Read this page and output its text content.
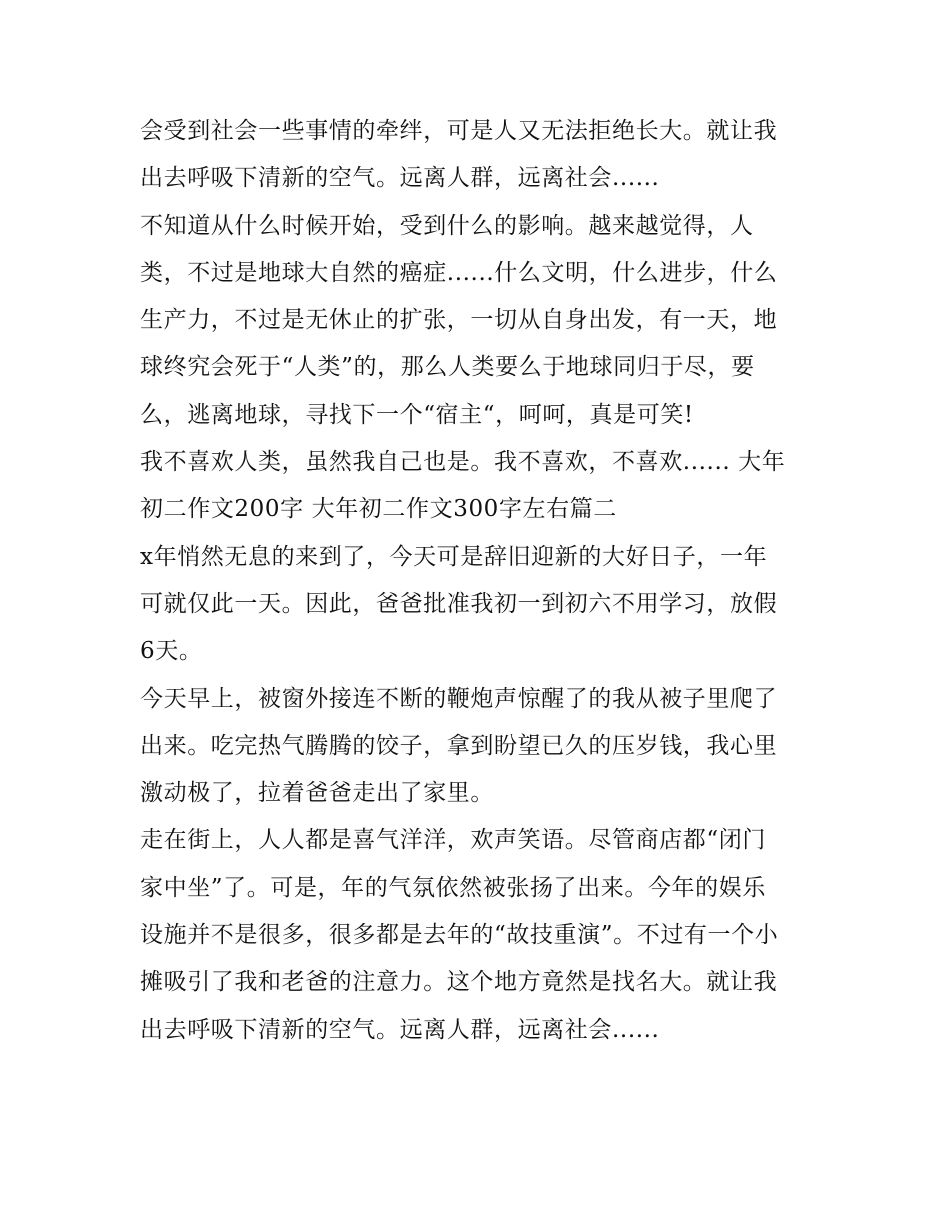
会受到社会一些事情的牵绊，可是人又无法拒绝长大。就让我
出去呼吸下清新的空气。远离人群，远离社会......
不知道从什么时候开始，受到什么的影响。越来越觉得，人
类，不过是地球大自然的癌症......什么文明，什么进步，什么
生产力，不过是无休止的扩张，一切从自身出发，有一天，地
球终究会死于“人类”的，那么人类要么于地球同归于尽，要
么，逃离地球，寻找下一个“宿主“，呵呵，真是可笑!
我不喜欢人类，虽然我自己也是。我不喜欢，不喜欢...... 大年
初二作文200字 大年初二作文300字左右篇二
x年悄然无息的来到了，今天可是辞旧迎新的大好日子，一年
可就仅此一天。因此，爸爸批准我初一到初六不用学习，放假
6天。
今天早上，被窗外接连不断的鞭炮声惊醒了的我从被子里爬了
出来。吃完热气腾腾的饺子，拿到盼望已久的压岁钱，我心里
激动极了，拉着爸爸走出了家里。
走在街上，人人都是喜气洋洋，欢声笑语。尽管商店都“闭门
家中坐”了。可是，年的气氛依然被张扬了出来。今年的娱乐
设施并不是很多，很多都是去年的“故技重演”。不过有一个小
摊吸引了我和老爸的注意力。这个地方竟然是找名大。就让我
出去呼吸下清新的空气。远离人群，远离社会......
